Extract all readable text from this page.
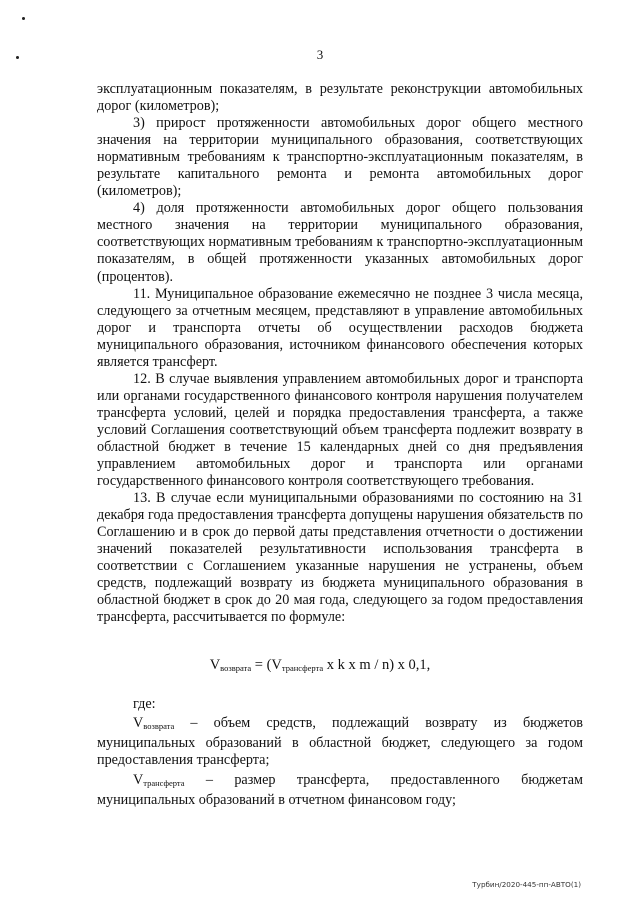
3

эксплуатационным показателям, в результате реконструкции автомобильных дорог (километров);

3) прирост протяженности автомобильных дорог общего местного значения на территории муниципального образования, соответствующих нормативным требованиям к транспортно-эксплуатационным показателям, в результате капитального ремонта и ремонта автомобильных дорог (километров);

4) доля протяженности автомобильных дорог общего пользования местного значения на территории муниципального образования, соответствующих нормативным требованиям к транспортно-эксплуатационным показателям, в общей протяженности указанных автомобильных дорог (процентов).

11. Муниципальное образование ежемесячно не позднее 3 числа месяца, следующего за отчетным месяцем, представляют в управление автомобильных дорог и транспорта отчеты об осуществлении расходов бюджета муниципального образования, источником финансового обеспечения которых является трансферт.

12. В случае выявления управлением автомобильных дорог и транспорта или органами государственного финансового контроля нарушения получателем трансферта условий, целей и порядка предоставления трансферта, а также условий Соглашения соответствующий объем трансферта подлежит возврату в областной бюджет в течение 15 календарных дней со дня предъявления управлением автомобильных дорог и транспорта или органами государственного финансового контроля соответствующего требования.

13. В случае если муниципальными образованиями по состоянию на 31 декабря года предоставления трансферта допущены нарушения обязательств по Соглашению и в срок до первой даты представления отчетности о достижении значений показателей результативности использования трансферта в соответствии с Соглашением указанные нарушения не устранены, объем средств, подлежащий возврату из бюджета муниципального образования в областной бюджет в срок до 20 мая года, следующего за годом предоставления трансферта, рассчитывается по формуле:

$V_{возврата} = (V_{трансферта}$ x k x m / n) x 0,1,
где:

$V_{возврата}$ – объем средств, подлежащий возврату из бюджетов муниципальных образований в областной бюджет, следующего за годом предоставления трансферта;

$V_{трансферта}$ – размер трансферта, предоставленного бюджетам муниципальных образований в отчетном финансовом году;

Турбин/2020-445-пп-АВТО(1)
